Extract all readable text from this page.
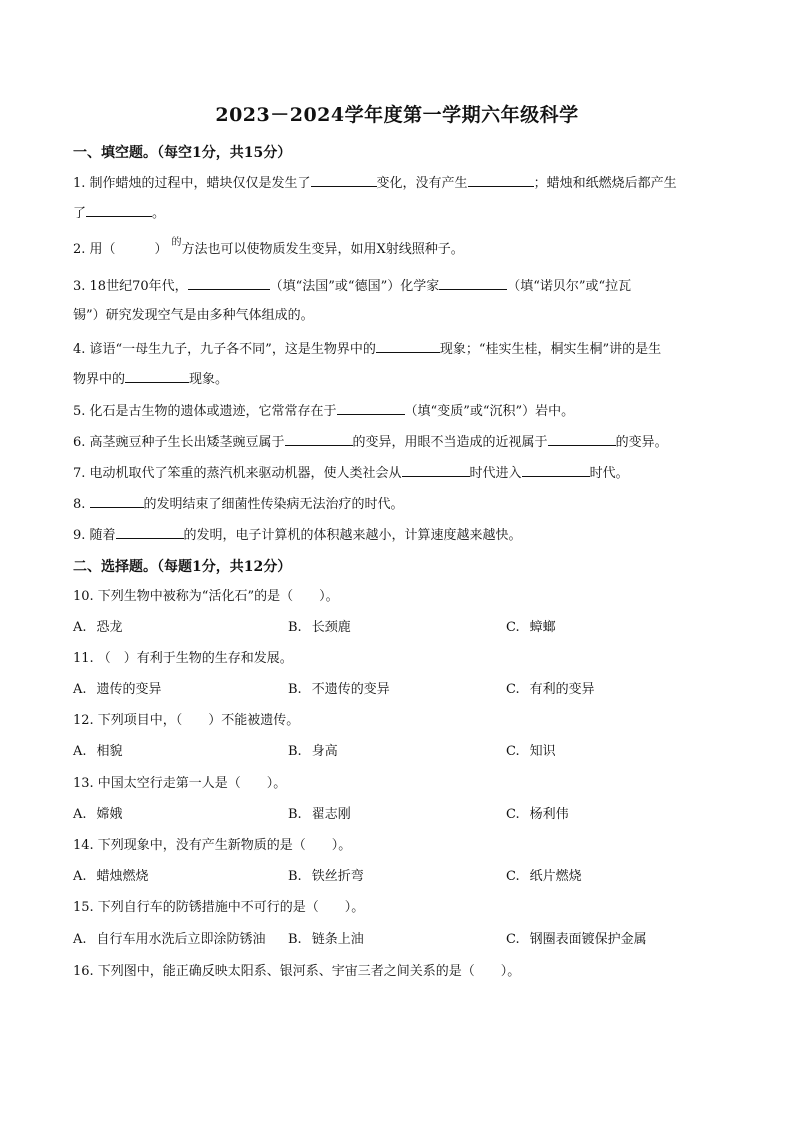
2023－2024学年度第一学期六年级科学
一、填空题。（每空1分，共15分）
1. 制作蜡烛的过程中，蜡块仅仅是发生了	变化，没有产生	；蜡烛和纸燃烧后都产生
了	。
2. 用（　　　） $^的$方法也可以使物质发生变异，如用X射线照种子。
3. 18世纪70年代，	（填“法国”或“德国”）化学家	（填“诺贝尔”或“拉瓦
锡”）研究发现空气是由多种气体组成的。
4. 谚语“一母生九子，九子各不同”，这是生物界中的	现象；“桂实生桂，桐实生桐”讲的是生
物界中的	现象。
5. 化石是古生物的遗体或遗迹，它常常存在于	（填“变质”或“沉积”）岩中。
6. 高茎豌豆种子生长出矮茎豌豆属于	的变异，用眼不当造成的近视属于	的变异。
7. 电动机取代了笨重的蒸汽机来驱动机器，使人类社会从	时代进入	时代。
8.	的发明结束了细菌性传染病无法治疗的时代。
9. 随着	的发明，电子计算机的体积越来越小，计算速度越来越快。
二、选择题。（每题1分，共12分）
10. 下列生物中被称为“活化石”的是（　　）。
A. 恐龙	B. 长颈鹿	C. 蟑螂
11. （　）有利于生物的生存和发展。
A. 遗传的变异	B. 不遗传的变异	C. 有利的变异
12. 下列项目中，（　　）不能被遗传。
A. 相貌	B. 身高	C. 知识
13. 中国太空行走第一人是（　　）。
A. 嫦娥	B. 翟志刚	C. 杨利伟
14. 下列现象中，没有产生新物质的是（　　）。
A. 蜡烛燃烧	B. 铁丝折弯	C. 纸片燃烧
15. 下列自行车的防锈措施中不可行的是（　　）。
A. 自行车用水洗后立即涂防锈油 B. 链条上油	C. 钢圈表面镀保护金属
16. 下列图中，能正确反映太阳系、银河系、宇宙三者之间关系的是（　　）。
